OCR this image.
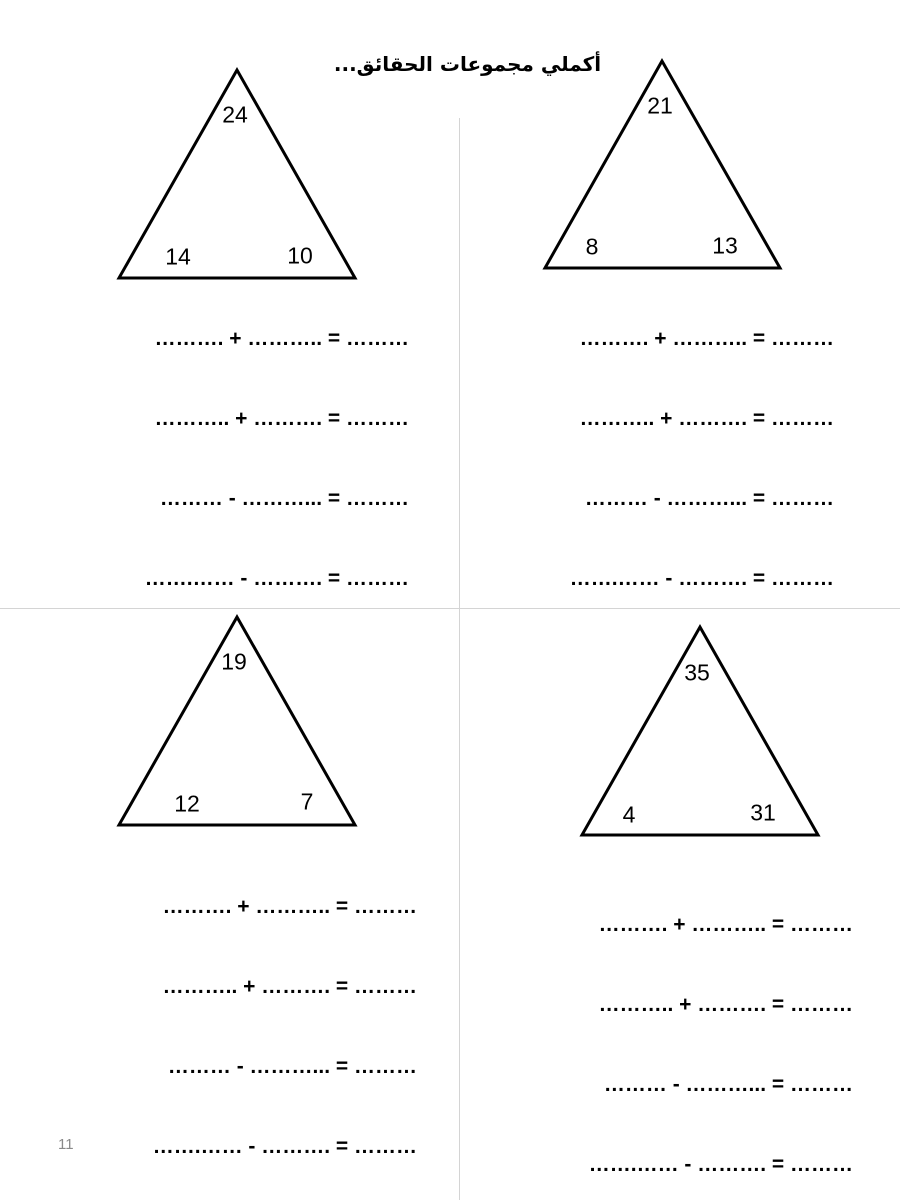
أكملي مجموعات الحقائق...
24
14	10
21
8	13
19
12	7
35
4	31
………. + ……….. = ………
……….. + ………. = ………
……… - ………... = ………
…….…… - ………. = ………
………. + ……….. = ………
……….. + ………. = ………
……… - ………... = ………
…….…… - ………. = ………
………. + ……….. = ………
……….. + ………. = ………
……… - ………... = ………
…….…… - ………. = ………
………. + ……….. = ………
……….. + ………. = ………
……… - ………... = ………
…….…… - ………. = ………
11
